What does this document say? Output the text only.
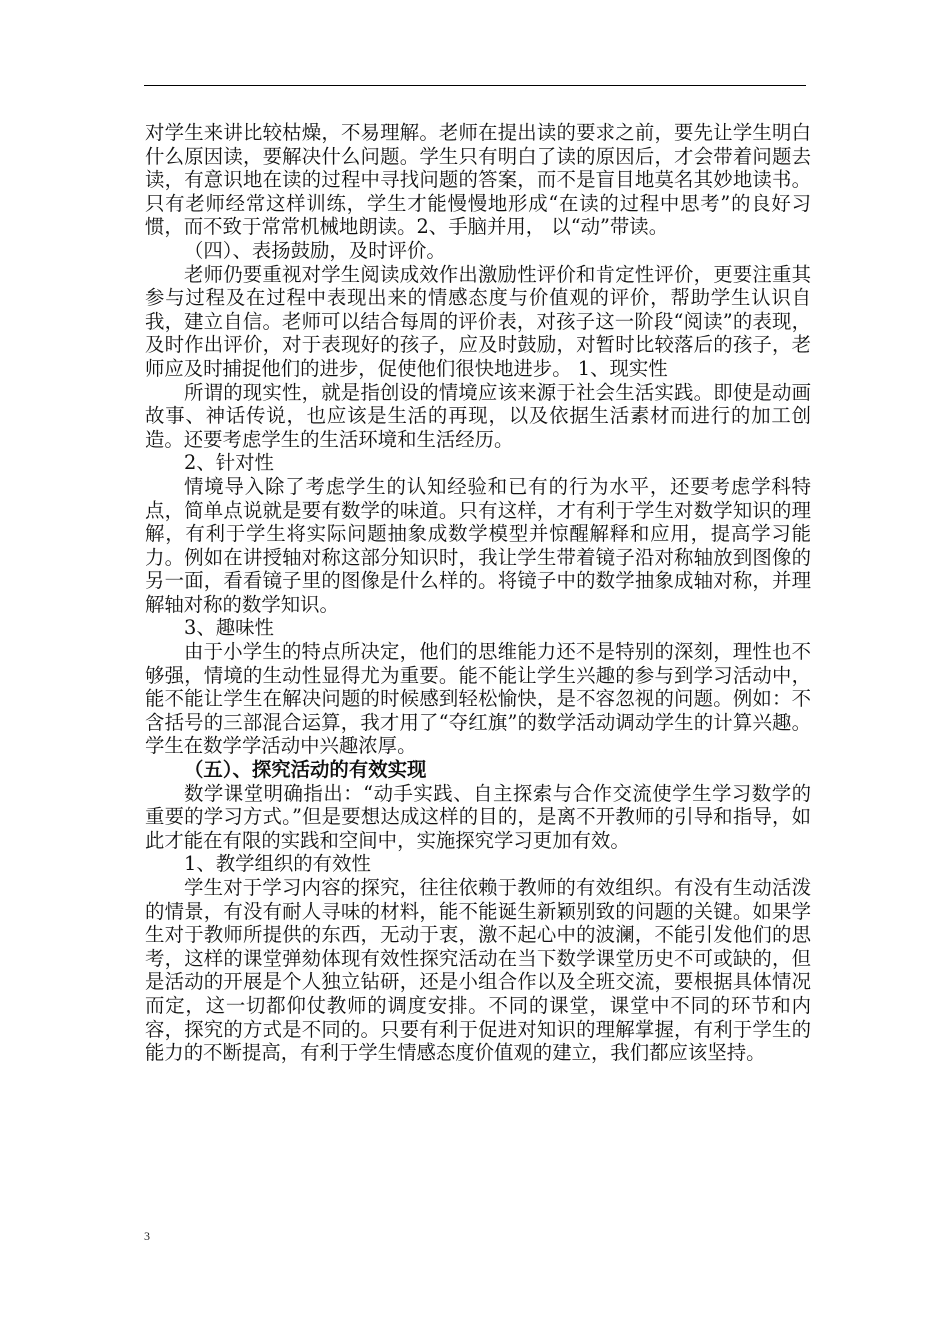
对学生来讲比较枯燥，不易理解。老师在提出读的要求之前，要先让学生明白什么原因读，要解决什么问题。学生只有明白了读的原因后，才会带着问题去读，有意识地在读的过程中寻找问题的答案，而不是盲目地莫名其妙地读书。只有老师经常这样训练，学生才能慢慢地形成“在读的过程中思考”的良好习惯，而不致于常常机械地朗读。2、手脑并用， 以“动”带读。

（四）、表扬鼓励，及时评价。

老师仍要重视对学生阅读成效作出激励性评价和肯定性评价，更要注重其参与过程及在过程中表现出来的情感态度与价值观的评价，帮助学生认识自我，建立自信。老师可以结合每周的评价表，对孩子这一阶段“阅读”的表现，及时作出评价，对于表现好的孩子，应及时鼓励，对暂时比较落后的孩子，老师应及时捕捉他们的进步，促使他们很快地进步。 1、现实性

所谓的现实性，就是指创设的情境应该来源于社会生活实践。即使是动画故事、神话传说，也应该是生活的再现，以及依据生活素材而进行的加工创造。还要考虑学生的生活环境和生活经历。

2、针对性

情境导入除了考虑学生的认知经验和已有的行为水平，还要考虑学科特点，简单点说就是要有数学的味道。只有这样，才有利于学生对数学知识的理解，有利于学生将实际问题抽象成数学模型并惊醒解释和应用，提高学习能力。例如在讲授轴对称这部分知识时，我让学生带着镜子沿对称轴放到图像的另一面，看看镜子里的图像是什么样的。将镜子中的数学抽象成轴对称，并理解轴对称的数学知识。

3、趣味性

由于小学生的特点所决定，他们的思维能力还不是特别的深刻，理性也不够强，情境的生动性显得尤为重要。能不能让学生兴趣的参与到学习活动中，能不能让学生在解决问题的时候感到轻松愉快，是不容忽视的问题。例如：不含括号的三部混合运算，我才用了“夺红旗”的数学活动调动学生的计算兴趣。学生在数学学活动中兴趣浓厚。

（五）、探究活动的有效实现

数学课堂明确指出：“动手实践、自主探索与合作交流使学生学习数学的重要的学习方式。”但是要想达成这样的目的，是离不开教师的引导和指导，如此才能在有限的实践和空间中，实施探究学习更加有效。

1、教学组织的有效性

学生对于学习内容的探究，往往依赖于教师的有效组织。有没有生动活泼的情景，有没有耐人寻味的材料，能不能诞生新颖别致的问题的关键。如果学生对于教师所提供的东西，无动于衷，激不起心中的波澜，不能引发他们的思考，这样的课堂弹劾体现有效性探究活动在当下数学课堂历史不可或缺的，但是活动的开展是个人独立钻研，还是小组合作以及全班交流，要根据具体情况而定，这一切都仰仗教师的调度安排。不同的课堂，课堂中不同的环节和内容，探究的方式是不同的。只要有利于促进对知识的理解掌握，有利于学生的能力的不断提高，有利于学生情感态度价值观的建立，我们都应该坚持。

3
